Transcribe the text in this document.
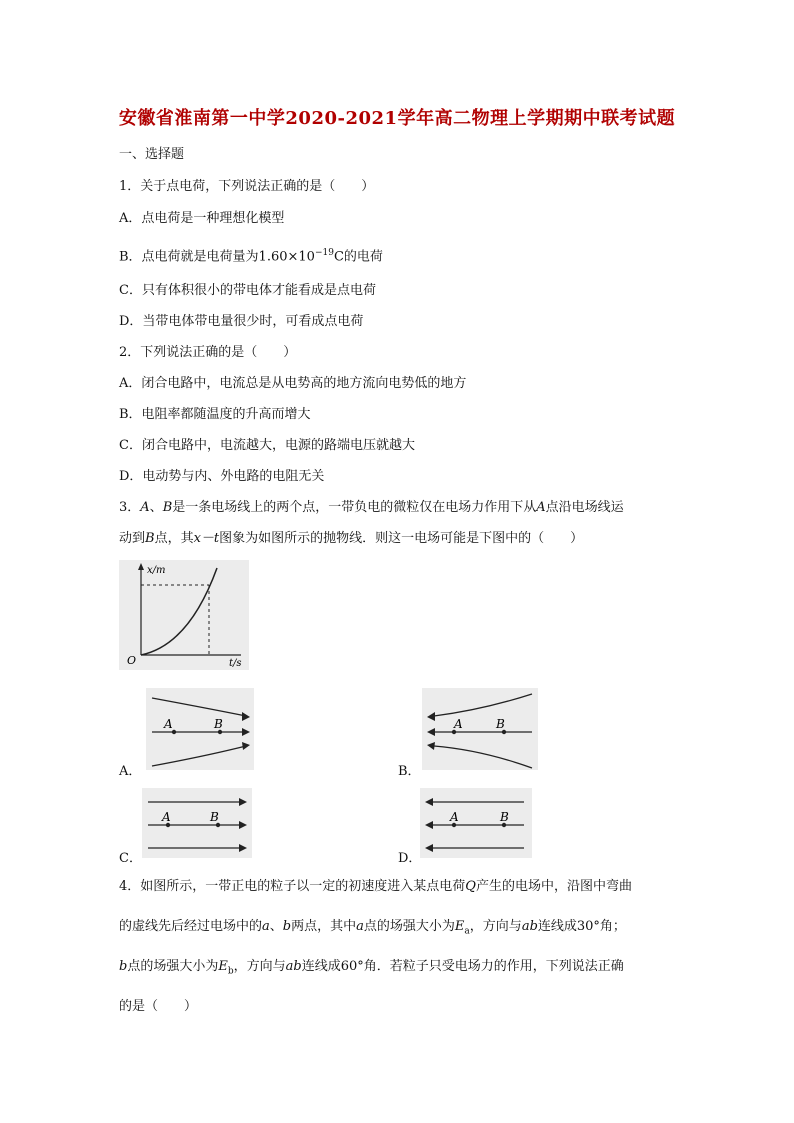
安徽省淮南第一中学2020-2021学年高二物理上学期期中联考试题
一、选择题
1．关于点电荷，下列说法正确的是（　　）
A．点电荷是一种理想化模型
B．点电荷就是电荷量为$1.60\times 10^{-19}C$的电荷
C．只有体积很小的带电体才能看成是点电荷
D．当带电体带电量很少时，可看成点电荷
2．下列说法正确的是（　　）
A．闭合电路中，电流总是从电势高的地方流向电势低的地方
B．电阻率都随温度的升高而增大
C．闭合电路中，电流越大，电源的路端电压就越大
D．电动势与内、外电路的电阻无关
3．A、B是一条电场线上的两个点，一带负电的微粒仅在电场力作用下从A点沿电场线运
动到B点，其x－t图象为如图所示的抛物线．则这一电场可能是下图中的（　　）
x/m
t/s
O
A．
A	B
B．
A	B
C．
A	B
D．
A	B
4．如图所示，一带正电的粒子以一定的初速度进入某点电荷Q产生的电场中，沿图中弯曲
的虚线先后经过电场中的a、b两点，其中a点的场强大小为$E_a$，方向与ab连线成30°角；
b点的场强大小为$E_b$，方向与ab连线成60°角．若粒子只受电场力的作用，下列说法正确
的是（　　）
